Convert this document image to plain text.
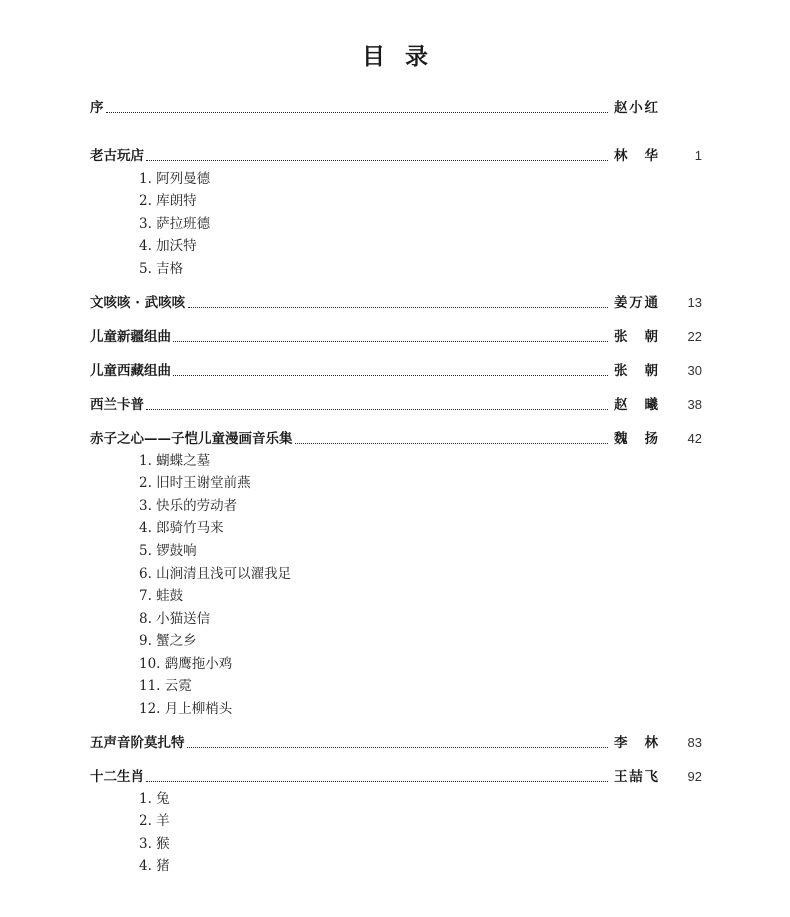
目 录
序	赵小红
老古玩店	林　华	1
1. 阿列曼德
2. 库朗特
3. 萨拉班德
4. 加沃特
5. 吉格
文咳咳 · 武咳咳	姜万通 13
儿童新疆组曲	张　朝 22
儿童西藏组曲	张　朝 30
西兰卡普	赵　曦 38
赤子之心——子恺儿童漫画音乐集	魏　扬 42
1. 蝴蝶之墓
2. 旧时王谢堂前燕
3. 快乐的劳动者
4. 郎骑竹马来
5. 锣鼓响
6. 山涧清且浅可以濯我足
7. 蛙鼓
8. 小猫送信
9. 蟹之乡
10. 鹞鹰拖小鸡
11. 云霓
12. 月上柳梢头
五声音阶莫扎特	李　林 83
十二生肖	王喆飞 92
1. 兔
2. 羊
3. 猴
4. 猪
